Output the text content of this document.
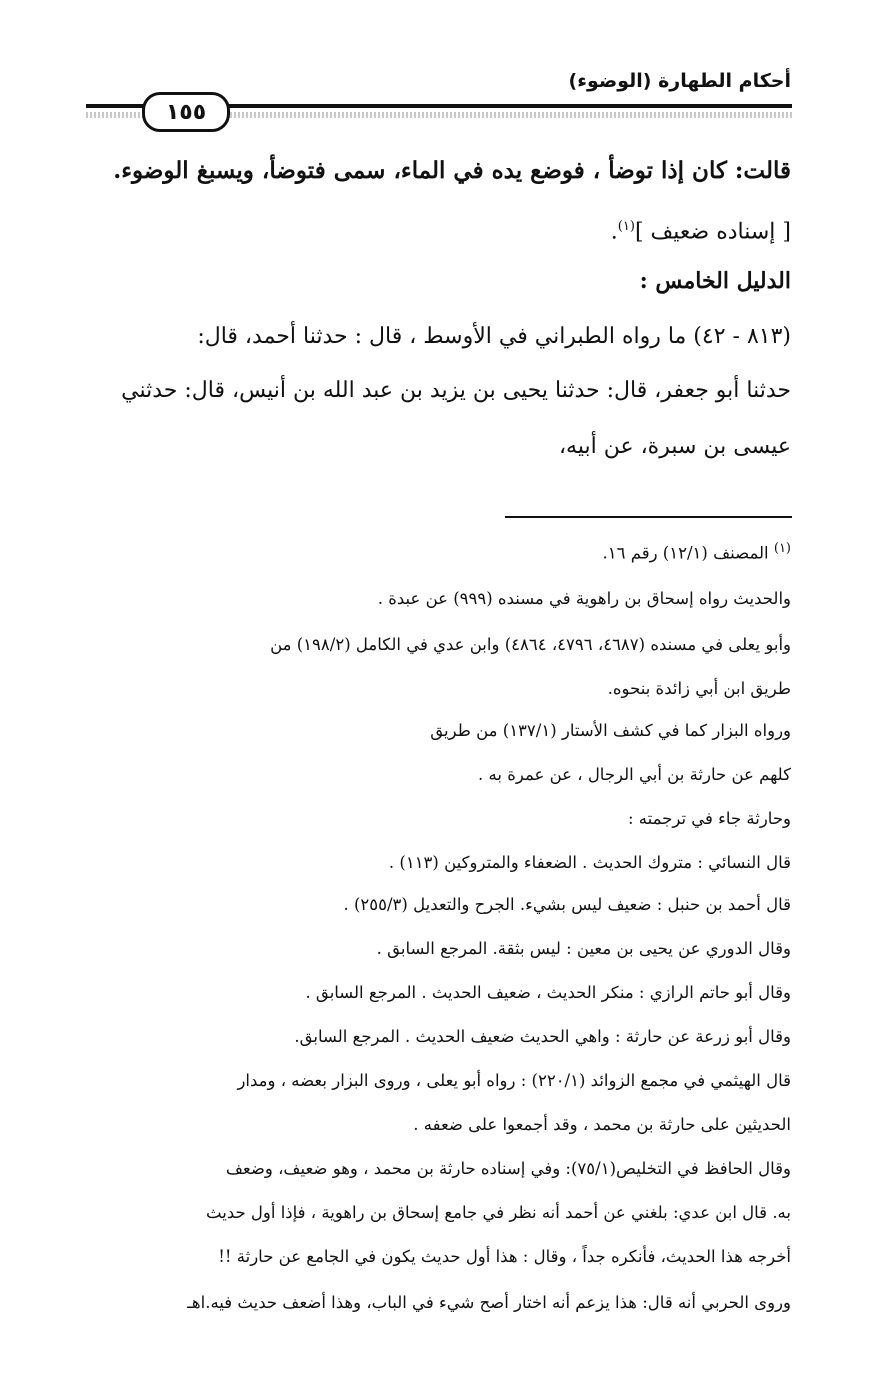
أحكام الطهارة (الوضوء)
١٥٥
قالت: كان إذا توضأ ، فوضع يده في الماء، سمى فتوضأ، ويسبغ الوضوء.
[ إسناده ضعيف ]$^{(١)}$.
الدليل الخامس :
(٨١٣ - ٤٢) ما رواه الطبراني في الأوسط ، قال : حدثنا أحمد، قال:
حدثنا أبو جعفر، قال: حدثنا يحيى بن يزيد بن عبد الله بن أنيس، قال: حدثني
عيسى بن سبرة، عن أبيه،
$^{(١)}$ المصنف (١٢/١) رقم ١٦.
والحديث رواه إسحاق بن راهوية في مسنده (٩٩٩) عن عبدة .
وأبو يعلى في مسنده (٤٦٨٧، ٤٧٩٦، ٤٨٦٤) وابن عدي في الكامل (١٩٨/٢) من
طريق ابن أبي زائدة بنحوه.
ورواه البزار كما في كشف الأستار (١٣٧/١) من طريق
كلهم عن حارثة بن أبي الرجال ، عن عمرة به .
وحارثة جاء في ترجمته :
قال النسائي : متروك الحديث . الضعفاء والمتروكين (١١٣) .
قال أحمد بن حنبل : ضعيف ليس بشيء. الجرح والتعديل (٢٥٥/٣) .
وقال الدوري عن يحيى بن معين : ليس بثقة. المرجع السابق .
وقال أبو حاتم الرازي : منكر الحديث ، ضعيف الحديث . المرجع السابق .
وقال أبو زرعة عن حارثة : واهي الحديث ضعيف الحديث . المرجع السابق.
قال الهيثمي في مجمع الزوائد (٢٢٠/١) : رواه أبو يعلى ، وروى البزار بعضه ، ومدار
الحديثين على حارثة بن محمد ، وقد أجمعوا على ضعفه .
وقال الحافظ في التخليص(٧٥/١): وفي إسناده حارثة بن محمد ، وهو ضعيف، وضعف
به. قال ابن عدي: بلغني عن أحمد أنه نظر في جامع إسحاق بن راهوية ، فإذا أول حديث
أخرجه هذا الحديث، فأنكره جداً ، وقال : هذا أول حديث يكون في الجامع عن حارثة !!
وروى الحربي أنه قال: هذا يزعم أنه اختار أصح شيء في الباب، وهذا أضعف حديث فيه.اهـ
